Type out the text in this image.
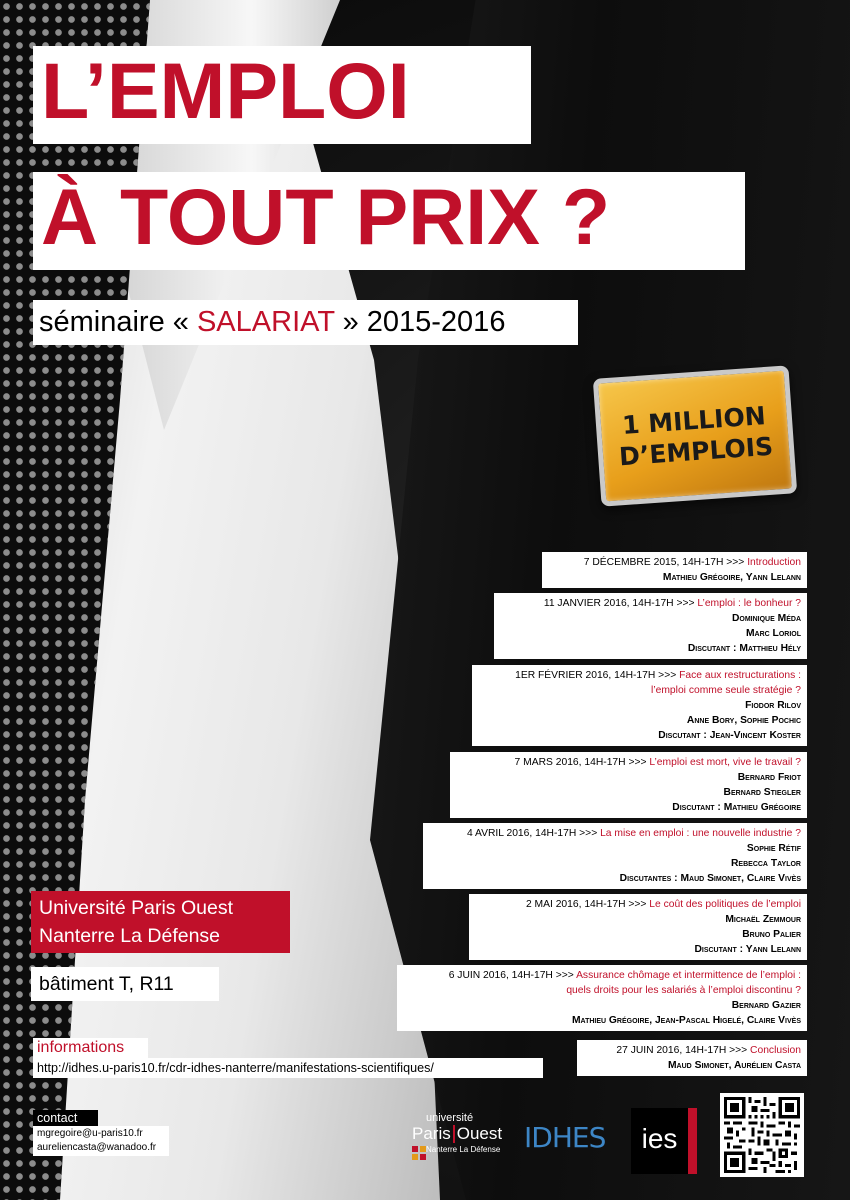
1 MILLION
D’EMPLOIS
L’EMPLOI
À TOUT PRIX ?
séminaire « SALARIAT » 2015-2016
7 DÉCEMBRE 2015, 14H-17H >>> Introduction
Mathieu Grégoire, Yann Lelann
11 JANVIER 2016, 14H-17H >>> L’emploi : le bonheur ?
Dominique Méda
Marc Loriol
Discutant : Matthieu Hély
1ER FÉVRIER 2016, 14H-17H >>> Face aux restructurations :
l’emploi comme seule stratégie ?
Fiodor Rilov
Anne Bory, Sophie Pochic
Discutant : Jean-Vincent Koster
7 MARS 2016, 14H-17H >>> L’emploi est mort, vive le travail ?
Bernard Friot
Bernard Stiegler
Discutant : Mathieu Grégoire
4 AVRIL 2016, 14H-17H >>> La mise en emploi : une nouvelle industrie ?
Sophie Rétif
Rebecca Taylor
Discutantes : Maud Simonet, Claire Vivès
2 MAI 2016, 14H-17H >>> Le coût des politiques de l’emploi
Michaël Zemmour
Bruno Palier
Discutant : Yann Lelann
6 JUIN 2016, 14H-17H >>> Assurance chômage et intermittence de l’emploi :
quels droits pour les salariés à l’emploi discontinu ?
Bernard Gazier
Mathieu Grégoire, Jean-Pascal Higelé, Claire Vivès
27 JUIN 2016, 14H-17H >>> Conclusion
Maud Simonet, Aurélien Casta
Université Paris Ouest
Nanterre La Défense
bâtiment T, R11
informations
http://idhes.u-paris10.fr/cdr-idhes-nanterre/manifestations-scientifiques/
contact
mgregoire@u-paris10.fr
aureliencasta@wanadoo.fr
université
Paris Ouest
Nanterre La Défense IDHES	ies
